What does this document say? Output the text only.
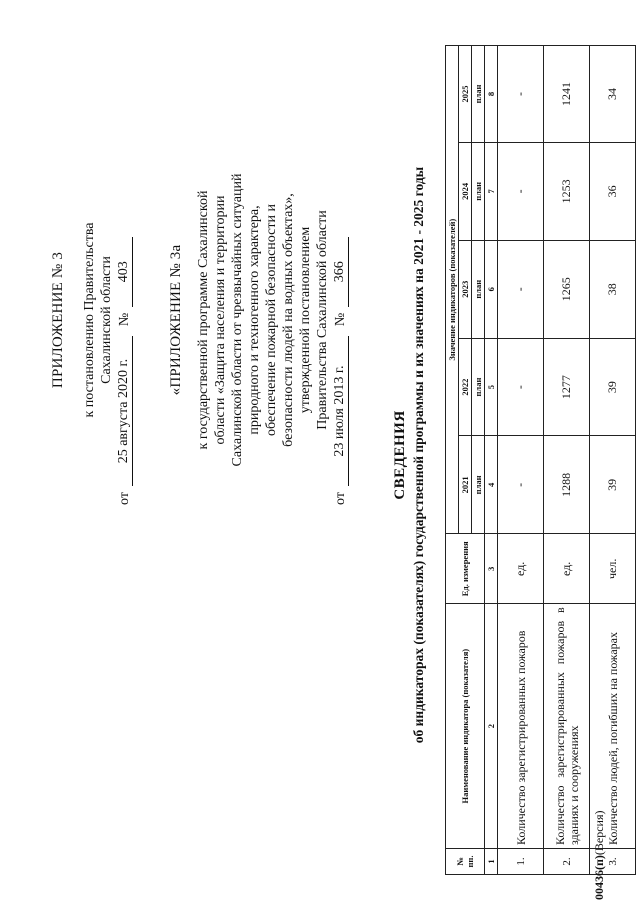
ПРИЛОЖЕНИЕ № 3 к постановлению Правительства Сахалинской области
от
25 августа 2020 г.
№
403 «ПРИЛОЖЕНИЕ № 3а к государственной программе Сахалинской области «Защита населения и территории Сахалинской области от чрезвычайных ситуаций природного и техногенного характера, обеспечение пожарной безопасности и безопасности людей на водных объектах», утвержденной постановлением Правительства Сахалинской области
от
23 июля 2013 г.
№
366
СВЕДЕНИЯ об индикаторах (показателях) государственной программы и их значениях на 2021 - 2025 годы
№ пп.	Наименование индикатора (показателя)	Ед. измерения	Значение индикаторов (показателей)				
			2021	2022	2023	2024	2025
			план	план	план	план	план
1	2	3	4	5	6	7	8
1.	Количество зарегистрированных пожаров	ед.	-	-	-	-	-
2.	Количество зарегистрированных пожаров в зданиях и сооружениях	ед.	1288	1277	1265	1253	1241
3.	Количество людей, погибших на пожарах	чел.	39	39	38	36	34
00436(п)(Версия)
